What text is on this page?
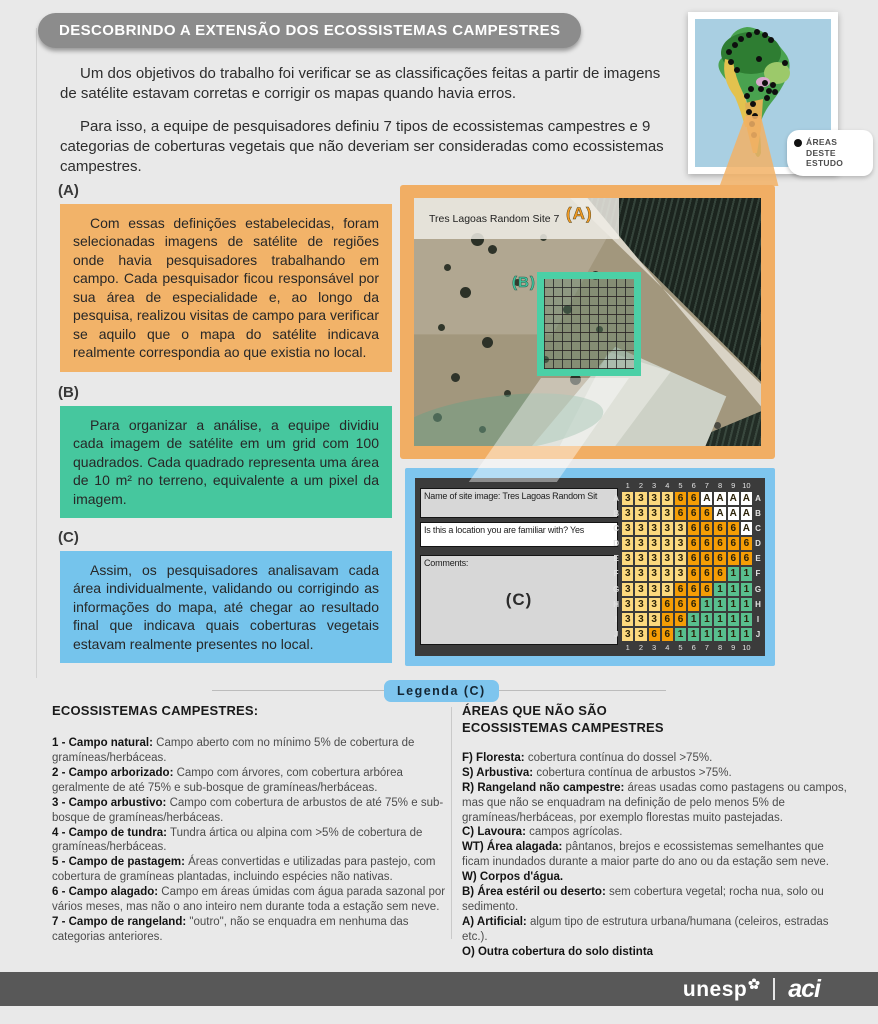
DESCOBRINDO A EXTENSÃO DOS ECOSSISTEMAS CAMPESTRES

Um dos objetivos do trabalho foi verificar se as classificações feitas a partir de imagens de satélite estavam corretas e corrigir os mapas quando havia erros.

Para isso, a equipe de pesquisadores definiu 7 tipos de ecossistemas campestres e 9 categorias de coberturas vegetais que não deveriam ser consideradas como ecossistemas campestres.

(A)
Com essas definições estabelecidas, foram selecionadas imagens de satélite de regiões onde havia pesquisadores trabalhando em campo. Cada pesquisador ficou responsável por sua área de especialidade e, ao longo da pesquisa, realizou visitas de campo para verificar se aquilo que o mapa do satélite indicava realmente correspondia ao que existia no local.
(B)
Para organizar a análise, a equipe dividiu cada imagem de satélite em um grid com 100 quadrados. Cada quadrado representa uma área de 10 m² no terreno, equivalente a um pixel da imagem.
(C)
Assim, os pesquisadores analisavam cada área individualmente, validando ou corrigindo as informações do mapa, até chegar ao resultado final que indicava quais coberturas vegetais estavam realmente presentes no local.
ÁREAS DESTE ESTUDO
Tres Lagoas Random Site 7 (A)
(B)
Name of site image: Tres Lagoas Random Sit
Is this a location you are familiar with? Yes
Comments:
(C)
1	2	3	4	5	6	7	8	9 10
A 3 3 3 3 6 6 A A A A A
B 3 3 3 3 6 6 6 A A A B
C 3 3 3 3 3 6 6 6 6 A C
D 3 3 3 3 3 6 6 6 6 6 D
E 3 3 3 3 3 6 6 6 6 6 E
F 3 3 3 3 3 6 6 6 1 1 F
G 3 3 3 3 6 6 6 1 1 1 G
H 3 3 3 6 6 6 1 1 1 1 H
I 3 3 3 6 6 1 1 1 1 1 I
J 3 3 6 6 1 1 1 1 1 1 J
1	2	3	4	5	6	7	8	9 10
Legenda (C)
ECOSSISTEMAS CAMPESTRES:
1 - Campo natural: Campo aberto com no mínimo 5% de cobertura de gramíneas/herbáceas.
2 - Campo arborizado: Campo com árvores, com cobertura arbórea geralmente de até 75% e sub-bosque de gramíneas/herbáceas.
3 - Campo arbustivo: Campo com cobertura de arbustos de até 75% e sub-bosque de gramíneas/herbáceas.
4 - Campo de tundra: Tundra ártica ou alpina com >5% de cobertura de gramíneas/herbáceas.
5 - Campo de pastagem: Áreas convertidas e utilizadas para pastejo, com cobertura de gramíneas plantadas, incluindo espécies não nativas.
6 - Campo alagado: Campo em áreas úmidas com água parada sazonal por vários meses, mas não o ano inteiro nem durante toda a estação sem neve.
7 - Campo de rangeland: "outro", não se enquadra em nenhuma das categorias anteriores.
ÁREAS QUE NÃO SÃO
ECOSSISTEMAS CAMPESTRES
F) Floresta: cobertura contínua do dossel >75%.
S) Arbustiva: cobertura contínua de arbustos >75%.
R) Rangeland não campestre: áreas usadas como pastagens ou campos, mas que não se enquadram na definição de pelo menos 5% de gramíneas/herbáceas, por exemplo florestas muito pastejadas.
C) Lavoura: campos agrícolas.
WT) Área alagada: pântanos, brejos e ecossistemas semelhantes que ficam inundados durante a maior parte do ano ou da estação sem neve.
W) Corpos d'água.
B) Área estéril ou deserto: sem cobertura vegetal; rocha nua, solo ou sedimento.
A) Artificial: algum tipo de estrutura urbana/humana (celeiros, estradas etc.).
O) Outra cobertura do solo distinta
unesp aci
